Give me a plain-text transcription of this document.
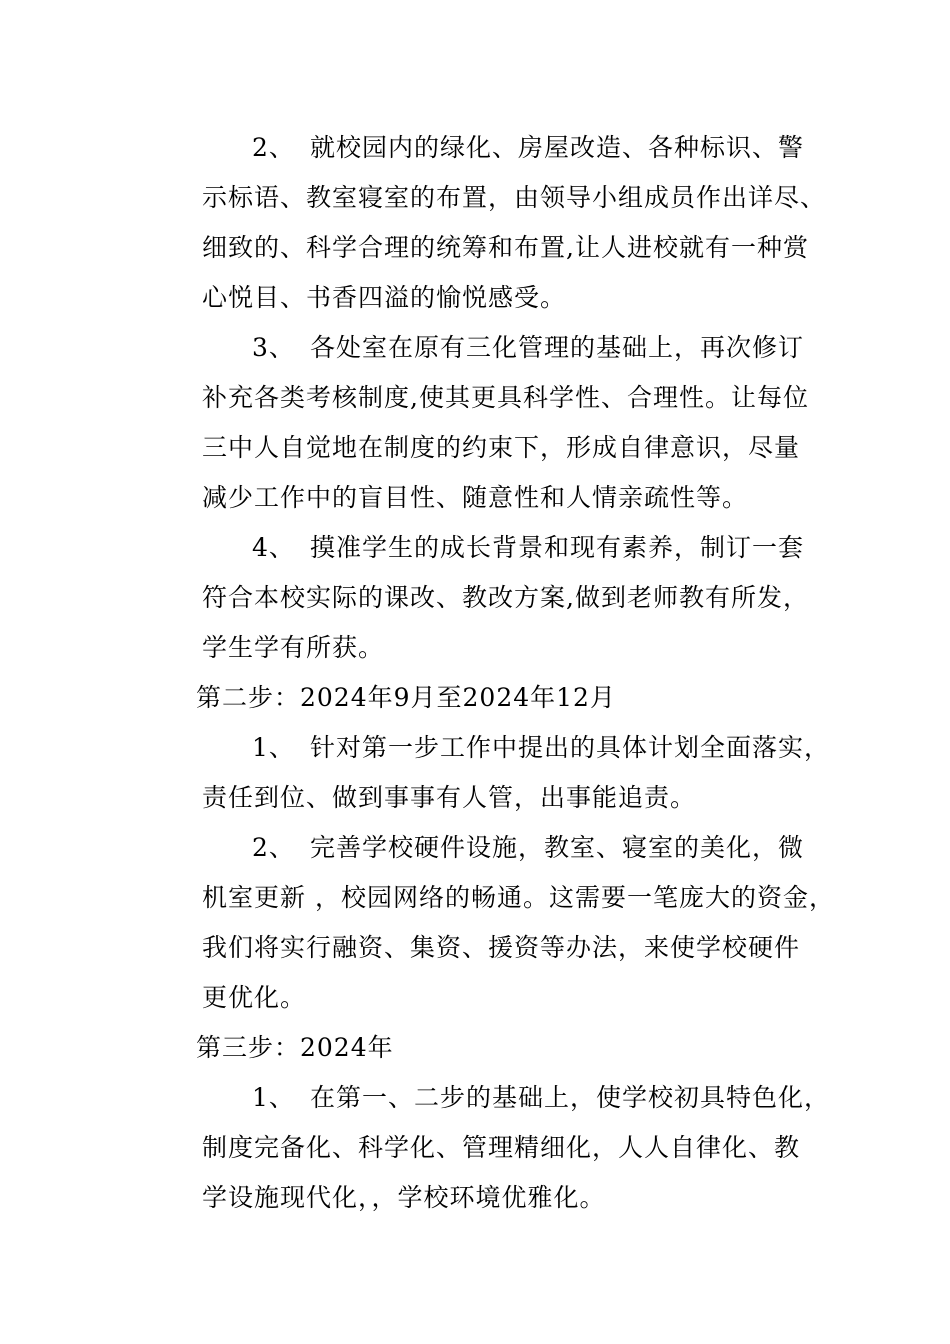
2、 就校园内的绿化、房屋改造、各种标识、警
示标语、教室寝室的布置，由领导小组成员作出详尽、
细致的、科学合理的统筹和布置,让人进校就有一种赏
心悦目、书香四溢的愉悦感受。
3、 各处室在原有三化管理的基础上，再次修订
补充各类考核制度,使其更具科学性、合理性。让每位
三中人自觉地在制度的约束下，形成自律意识，尽量
减少工作中的盲目性、随意性和人情亲疏性等。
4、 摸准学生的成长背景和现有素养，制订一套
符合本校实际的课改、教改方案,做到老师教有所发，
学生学有所获。
第二步：2024年9月至2024年12月
1、 针对第一步工作中提出的具体计划全面落实，
责任到位、做到事事有人管，出事能追责。
2、 完善学校硬件设施，教室、寝室的美化，微
机室更新 ，校园网络的畅通。这需要一笔庞大的资金，
我们将实行融资、集资、援资等办法，来使学校硬件
更优化。
第三步：2024年
1、 在第一、二步的基础上，使学校初具特色化，
制度完备化、科学化、管理精细化，人人自律化、教
学设施现代化，，学校环境优雅化。
